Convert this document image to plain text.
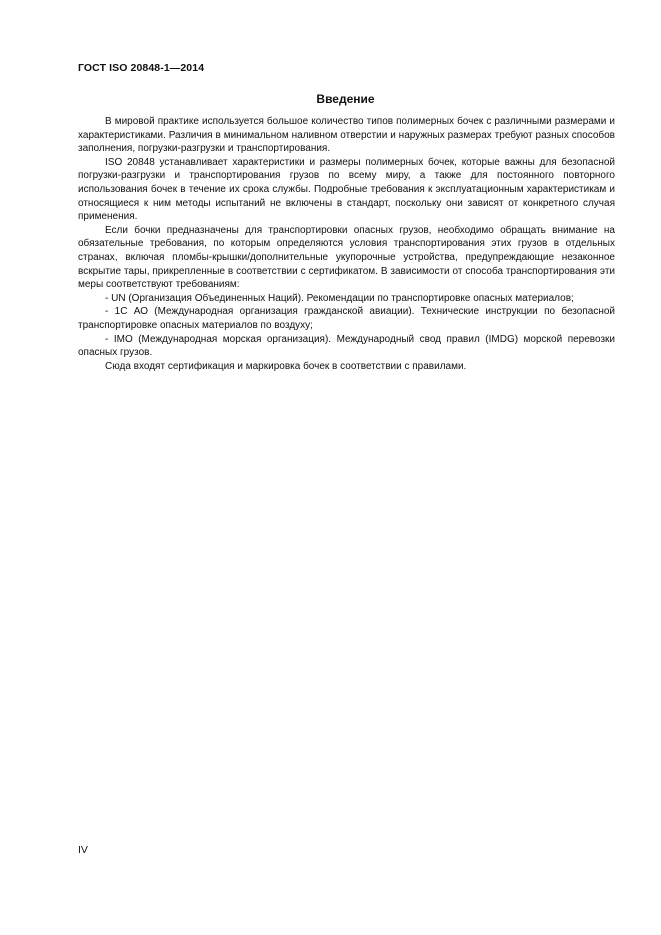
ГОСТ ISO 20848-1—2014
Введение

В мировой практике используется большое количество типов полимерных бочек с различными размерами и характеристиками. Различия в минимальном наливном отверстии и наружных размерах требуют разных способов заполнения, погрузки-разгрузки и транспортирования.

ISO 20848 устанавливает характеристики и размеры полимерных бочек, которые важны для безопасной погрузки-разгрузки и транспортирования грузов по всему миру, а также для постоянного повторного использования бочек в течение их срока службы. Подробные требования к эксплуатационным характеристикам и относящиеся к ним методы испытаний не включены в стандарт, поскольку они зависят от конкретного случая применения.

Если бочки предназначены для транспортировки опасных грузов, необходимо обращать внимание на обязательные требования, по которым определяются условия транспортирования этих грузов в отдельных странах, включая пломбы-крышки/дополнительные укупорочные устройства, предупреждающие незаконное вскрытие тары, прикрепленные в соответствии с сертификатом. В зависимости от способа транспортирования эти меры соответствуют требованиям:

- UN (Организация Объединенных Наций). Рекомендации по транспортировке опасных материалов;

- 1С АО (Международная организация гражданской авиации). Технические инструкции по безопасной транспортировке опасных материалов по воздуху;

- IMO (Международная морская организация). Международный свод правил (IMDG) морской перевозки опасных грузов.

Сюда входят сертификация и маркировка бочек в соответствии с правилами.

IV
